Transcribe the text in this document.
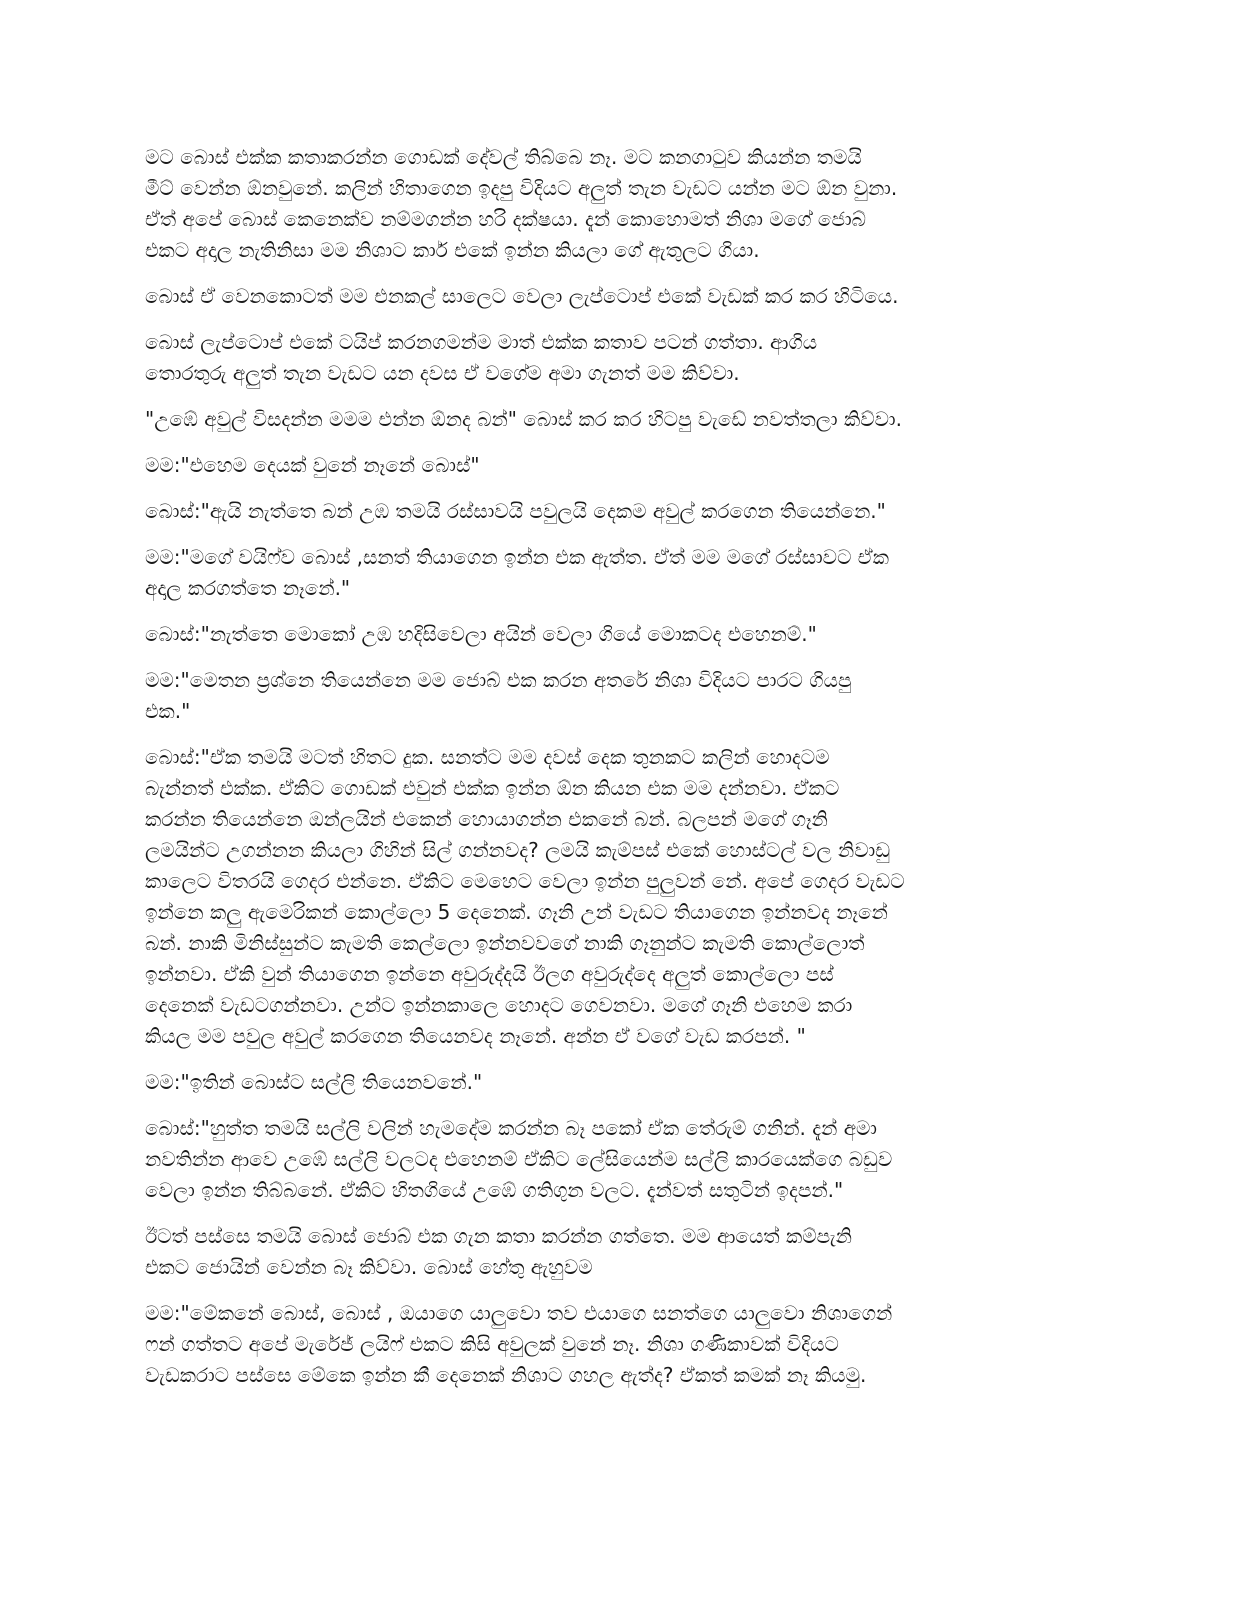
මට බොස් එක්ක කතාකරන්න ගොඩක් දේවල් තිබ්බෙ නෑ. මට කනගාටුව කියන්න තමයි
මීට් වෙන්න ඕනවුනේ. කලින් හිතාගෙන ඉදපු විදියට අලුත් තැන වැඩට යන්න මට ඕන වුනා.
ඒත් අපේ බොස් කෙනෙක්ව නම්මගන්න හරි දක්ෂයා. දැන් කොහොමත් නිශා මගේ ජොබ්
එකට අදාල නැතිනිසා මම නිශාට කාර් එකේ ඉන්න කියලා ගේ ඇතුලට ගියා.

බොස් ඒ වෙනකොටත් මම එනකල් සාලෙට වෙලා ලැප්ටොප් එකේ වැඩක් කර කර හිටියෙ.

බොස් ලැප්ටොප් එකේ ටයිප් කරනගමන්ම මාත් එක්ක කතාව පටන් ගත්තා. ආගිය
තොරතුරු අලුත් තැන වැඩට යන දවස ඒ වගේම අමා ගැනත් මම කිව්වා.

"උඹේ අවුල් විසදන්න මමම එන්න ඕනද බන්" බොස් කර කර හිටපු වැඩේ නවත්තලා කිව්වා.

මම:"එහෙම දෙයක් වුනේ නෑනේ බොස්"

බොස්:"ඇයි නැත්තෙ බන් උඹ තමයි රස්සාවයි පවුලයි දෙකම අවුල් කරගෙන තියෙන්නෙ."

මම:"මගේ වයිෆ්ව බොස් ,සනත් තියාගෙන ඉන්න එක ඇත්ත. ඒත් මම මගේ රස්සාවට ඒක
අදාල කරගත්තෙ නෑනේ."

බොස්:"නැත්තෙ මොකෝ උඹ හදිසිවෙලා අයින් වෙලා ගියේ මොකටද එහෙනම්."

මම:"මෙතන ප්‍රශ්නෙ තියෙන්නෙ මම ජොබ් එක කරන අතරේ නිශා විදියට පාරට ගියපු
එක."

බොස්:"ඒක තමයි මටත් හිතට දුක. සනත්ට මම දවස් දෙක තුනකට කලින් හොදටම
බැන්නත් එක්ක. ඒකිට ගොඩක් එවුන් එක්ක ඉන්න ඕන කියන එක මම දන්නවා. ඒකට
කරන්න තියෙන්නෙ ඔන්ලයින් එකෙන් හොයාගන්න එකනේ බන්. බලපන් මගේ ගෑනි
ලමයින්ට උගන්නන කියලා ගිහින් සිල් ගන්නවද? ලමයි කැම්පස් එකේ හොස්ටල් වල නිවාඩු
කාලෙට විතරයි ගෙදර එන්නෙ. ඒකිට මෙහෙට වෙලා ඉන්න පුලුවන් නේ. අපේ ගෙදර වැඩට
ඉන්නෙ කලු ඇමෙරිකන් කොල්ලො 5 දෙනෙක්. ගෑනි උන් වැඩට තියාගෙන ඉන්නවද නෑනේ
බන්. නාකි මිනිස්සුන්ට කැමති කෙල්ලො ඉන්නවවගේ නාකි ගෑනුන්ට කැමති කොල්ලොත්
ඉන්නවා. ඒකි වුන් තියාගෙන ඉන්නෙ අවුරුද්දයි ඊලග අවුරුද්දෙ අලුත් කොල්ලො පස්
දෙනෙක් වැඩටගන්නවා. උන්ට ඉන්නකාලෙ හොදට ගෙවනවා. මගේ ගෑනි එහෙම කරා
කියල මම පවුල අවුල් කරගෙන තියෙනවද නෑනේ. අන්න ඒ වගේ වැඩ කරපන්. "

මම:"ඉතින් බොස්ට සල්ලි තියෙනවනේ."

බොස්:"හුත්ත තමයි සල්ලි වලින් හැමදේම කරන්න බෑ පකෝ ඒක තේරුම් ගනින්. දැන් අමා
නවතින්න ආවෙ උඹේ සල්ලි වලටද එහෙනම් ඒකිට ලේසියෙන්ම සල්ලි කාරයෙක්ගෙ බඩුව
වෙලා ඉන්න තිබ්බනේ. ඒකිට හිතගියේ උඹේ ගතිගුන වලට. දැන්වත් සතුටින් ඉදපන්."

ඊටත් පස්සෙ තමයි බොස් ජොබ් එක ගැන කතා කරන්න ගත්තෙ. මම ආයෙත් කම්පැනි
එකට ජොයින් වෙන්න බෑ කිව්වා. බොස් හේතු ඇහුවම

මම:"මේකනේ බොස්, බොස් , ඔයාගෙ යාලුවො තව එයාගෙ සනත්ගෙ යාලුවො නිශාගෙන්
ෆන් ගත්තට අපේ මැරේජ් ලයිෆ් එකට කිසි අවුලක් වුනේ නෑ. නිශා ගණිකාවක් විදියට
වැඩකරාට පස්සෙ මේකෙ ඉන්න කී දෙනෙක් නිශාට ගහල ඇත්ද? ඒකත් කමක් නෑ කියමු.
